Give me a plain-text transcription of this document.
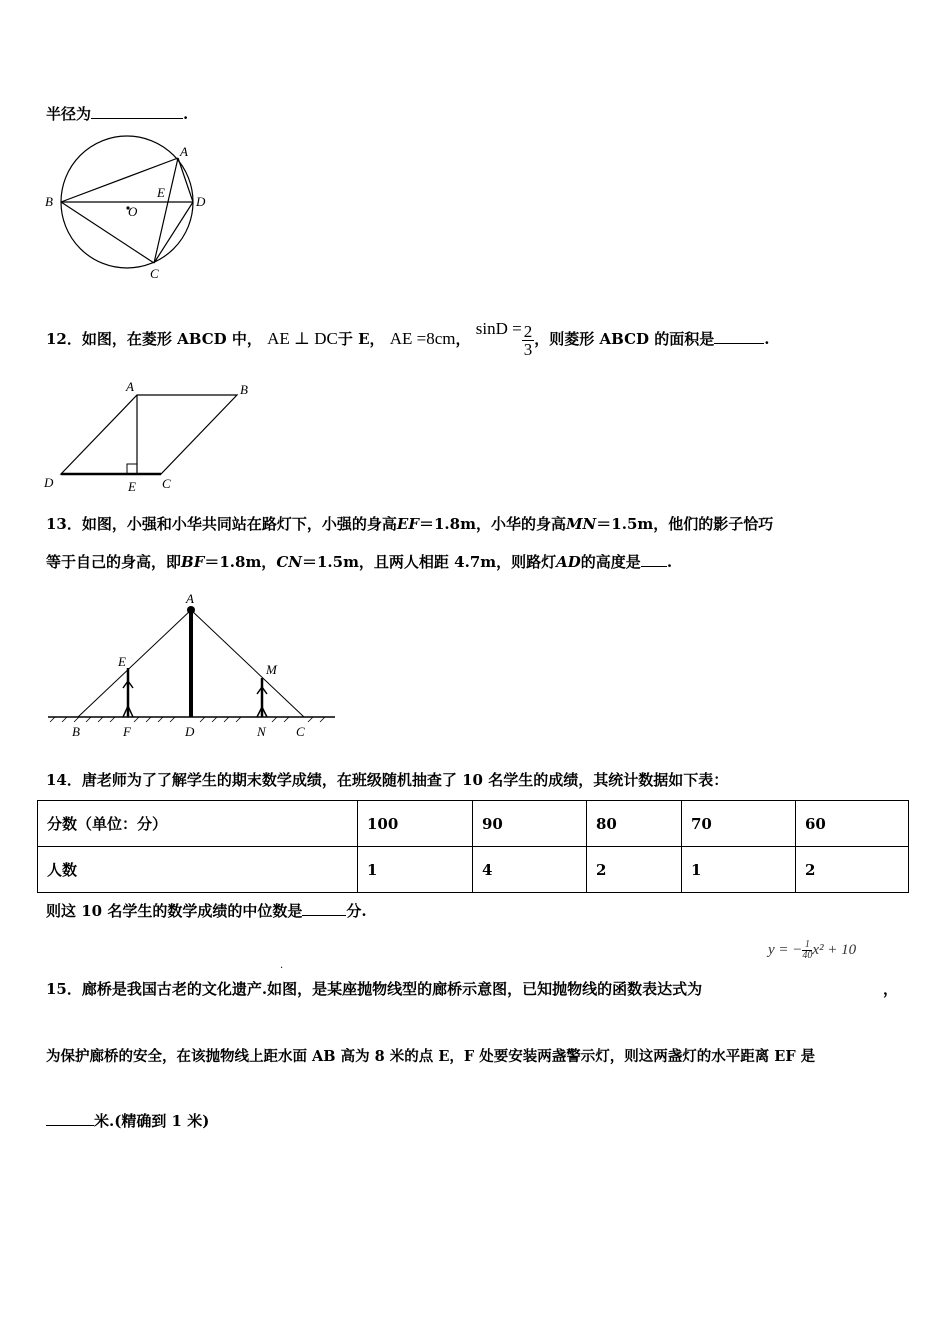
半径为	.
A
B
C
D
E
O
12．如图，在菱形 ABCD 中， AE ⊥ DC于 E， AE =8cm， $\sin D = \frac{2}{3}$ ，则菱形 ABCD 的面积是	.
A	B
D	E C
13．如图，小强和小华共同站在路灯下，小强的身高EF＝1.8m，小华的身高MN＝1.5m，他们的影子恰巧
等于自己的身高，即BF＝1.8m，CN＝1.5m，且两人相距 4.7m，则路灯AD的高度是 .
A
E
M
B	F	D	N C
14．唐老师为了了解学生的期末数学成绩，在班级随机抽查了 10 名学生的成绩，其统计数据如下表：
分数（单位：分）	100	90	80	70	60
人数	1	4	2	1	2
则这 10 名学生的数学成绩的中位数是	分.
y = − $\frac{1}{40} x^2 + 10$
.
15．廊桥是我国古老的文化遗产.如图，是某座抛物线型的廊桥示意图，已知抛物线的函数表达式为	，
为保护廊桥的安全，在该抛物线上距水面 AB 高为 8 米的点 E，F 处要安装两盏警示灯，则这两盏灯的水平距离 EF 是
米.(精确到 1 米)
